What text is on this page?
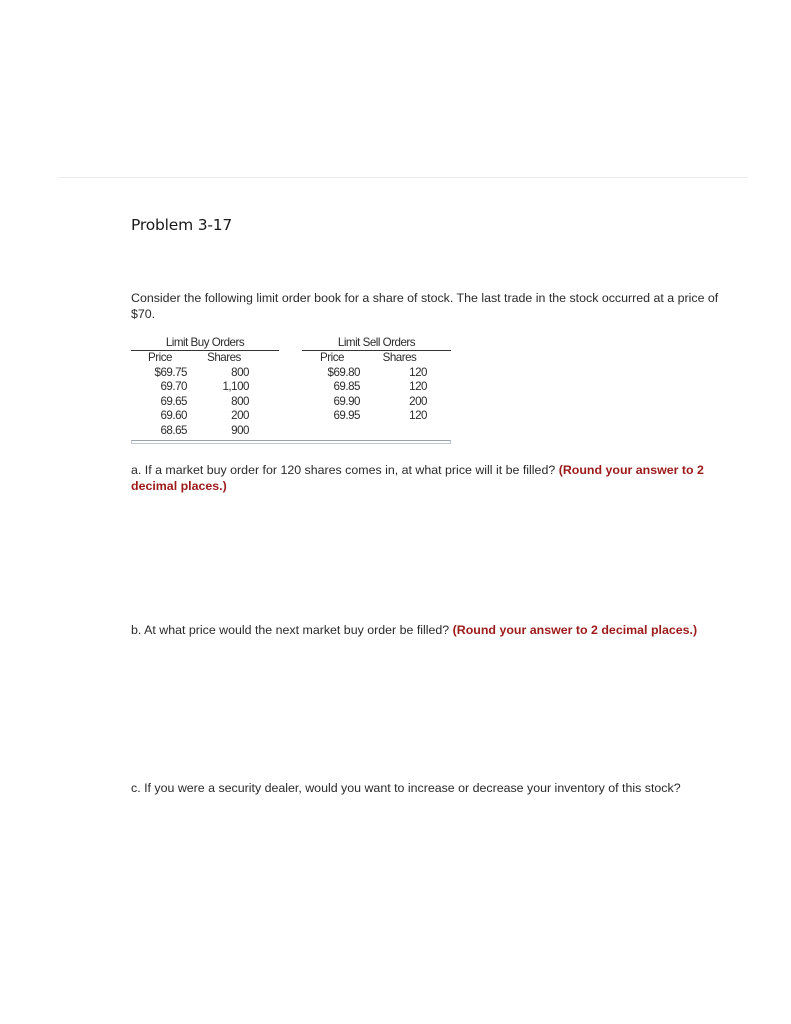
Problem 3-17
Consider the following limit order book for a share of stock. The last trade in the stock occurred at a price of $70.
Limit Buy Orders
Price
$69.75
69.70
69.65
69.60
68.65
Shares
800
1,100
800
200
900
Limit Sell Orders
Price
$69.80
69.85
69.90
69.95
Shares
120
120
200
120
a. If a market buy order for 120 shares comes in, at what price will it be filled? (Round your answer to 2 decimal places.)
b. At what price would the next market buy order be filled? (Round your answer to 2 decimal places.)
c. If you were a security dealer, would you want to increase or decrease your inventory of this stock?
